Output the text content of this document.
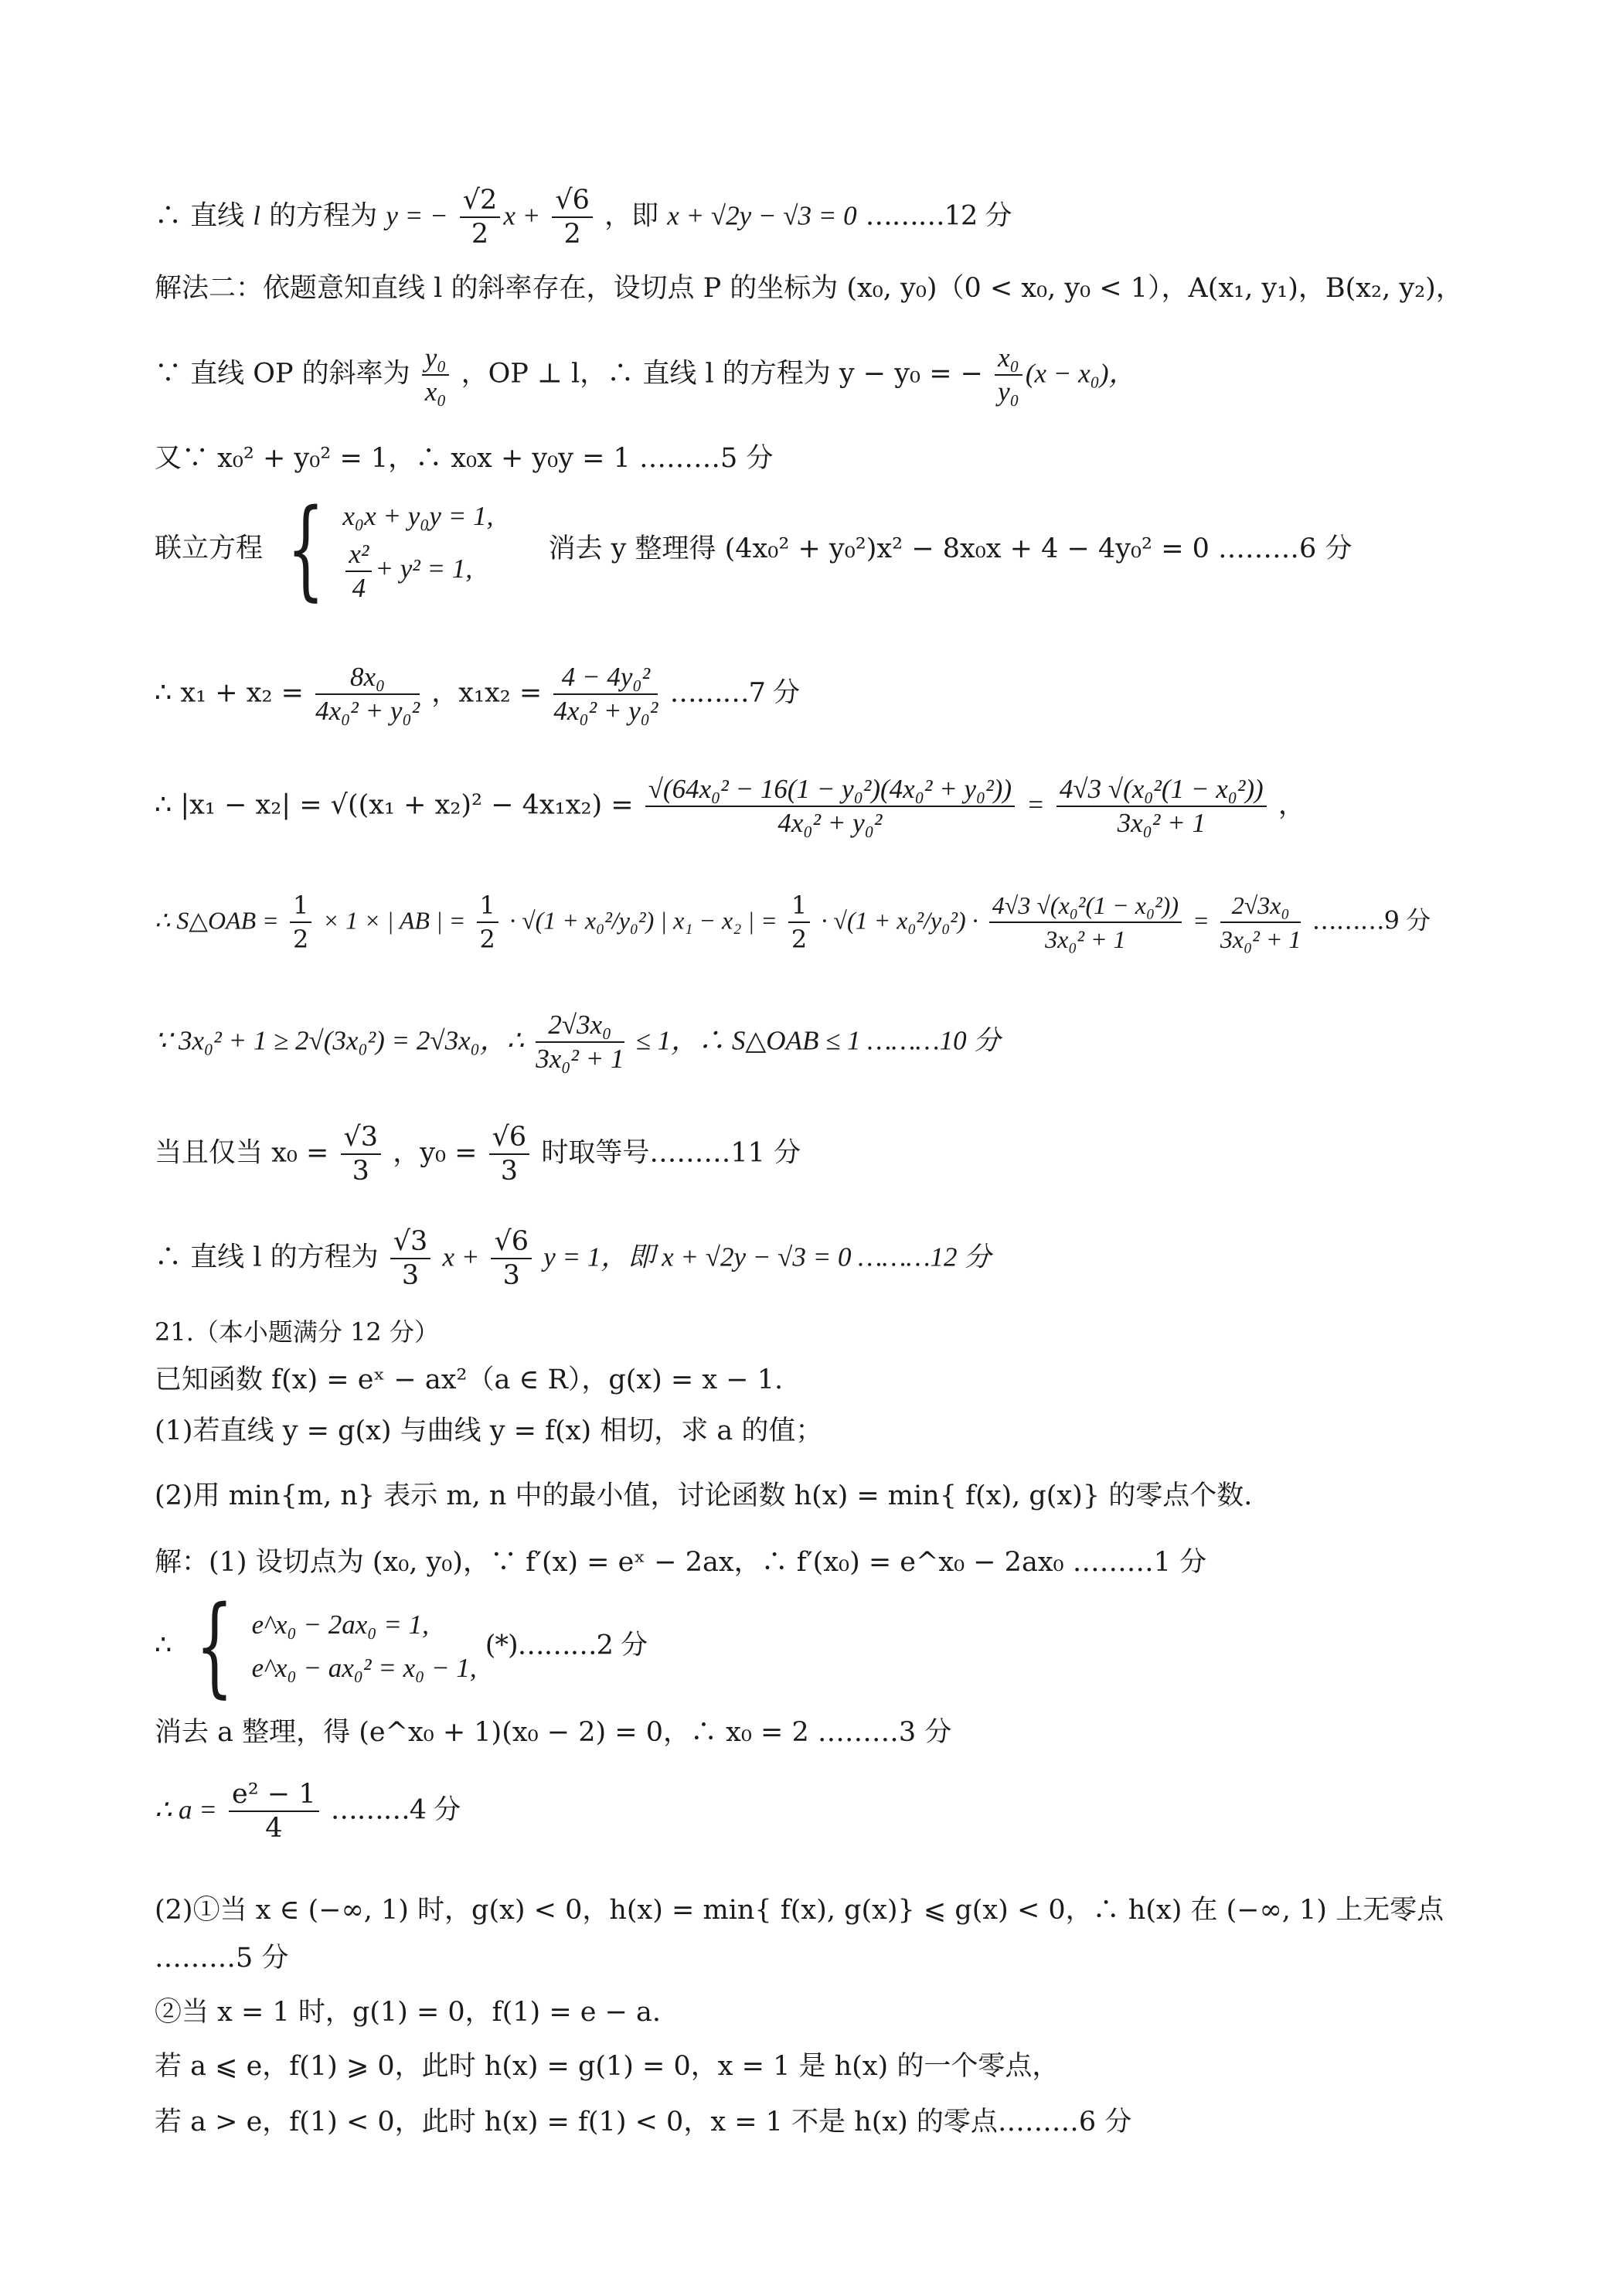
∴ 直线 l 的方程为 y = − $\frac{√2}{2}$ $x + \frac{√6}{2}$ ，即 x + √2y − √3 = 0 ………12 分
解法二：依题意知直线 l 的斜率存在，设切点 P 的坐标为 (x₀, y₀)（0 < x₀, y₀ < 1），A(x₁, y₁)，B(x₂, y₂)，
∵ 直线 OP 的斜率为 $\frac{\text{y₀}}{\text{x₀}}$ ，OP ⊥ l，∴ 直线 l 的方程为 y − y₀ = − $\frac{\text{x₀}}{\text{y₀}} (x - x_0)$，
又∵ x₀² + y₀² = 1，∴ x₀x + y₀y = 1 ………5 分
联立方程 { x₀x + y₀y = 1,
$\frac{\text{x²}}{4} + y^2 = 1$,
消去 y 整理得 (4x₀² + y₀²)x² − 8x₀x + 4 − 4y₀² = 0 ………6 分
∴ $x_1 + x_2 = \frac{\text{8x₀}}{\text{4x₀² + y₀²}}$ ，$x_1x_2 = \frac{\text{4 − 4y₀²}}{\text{4x₀² + y₀²}}$ ………7 分
∴ $|x_1 - x_2| = √((x_1 + x_2)^2 - 4x_1x_2) = \frac{\text{√(64x₀² − 16(1 − y₀²)(4x₀² + y₀²))}}{\text{4x₀² + y₀²}} = \frac{\text{4√3 √(x₀²(1 − x₀²))}}{\text{3x₀² + 1}}$ ，
∴ S△OAB = $\frac{1}{2} \times 1$ × | AB | = $\frac{1}{2} \cdot √(1 + x_0^2/y_0^2)$ | x₁ − x₂ | = $\frac{1}{2} \cdot √(1 + x_0^2/y_0^2) \cdot \frac{\text{4√3 √(x₀²(1 − x₀²))}}{\text{3x₀² + 1}} = \frac{\text{2√3x₀}}{\text{3x₀² + 1}}$ ………9 分
∵ 3x₀² + 1 ≥ 2√(3x₀²) = 2√3x₀，∴ $\frac{\text{2√3x₀}}{\text{3x₀² + 1}} \le 1$，∴ S△OAB ≤ 1 ………10 分
当且仅当 $x_0 = \frac{√3}{3}$ ，$y_0 = \frac{√6}{3}$ 时取等号………11 分
∴ 直线 l 的方程为 $\frac{√3}{3}$ $x + \frac{√6}{3}$ y = 1，即 x + √2y − √3 = 0 ………12 分
21.（本小题满分 12 分）
已知函数 f(x) = eˣ − ax²（a ∈ R），g(x) = x − 1.
(1)若直线 y = g(x) 与曲线 y = f(x) 相切，求 a 的值；
(2)用 min{m, n} 表示 m, n 中的最小值，讨论函数 h(x) = min{ f(x), g(x)} 的零点个数.
解：(1) 设切点为 (x₀, y₀)，∵ f′(x) = eˣ − 2ax，∴ f′(x₀) = e^x₀ − 2ax₀ ………1 分
∴ { e^x₀ − 2ax₀ = 1,
e^x₀ − ax₀² = x₀ − 1,
(*)………2 分
消去 a 整理，得 (e^x₀ + 1)(x₀ − 2) = 0，∴ x₀ = 2 ………3 分
∴ $a = \frac{\text{e² − 1}}{4}$ ………4 分
(2)①当 x ∈ (−∞, 1) 时，g(x) < 0，h(x) = min{ f(x), g(x)} ⩽ g(x) < 0，∴ h(x) 在 (−∞, 1) 上无零点
………5 分
②当 x = 1 时，g(1) = 0，f(1) = e − a.
若 a ⩽ e，f(1) ⩾ 0，此时 h(x) = g(1) = 0，x = 1 是 h(x) 的一个零点，
若 a > e，f(1) < 0，此时 h(x) = f(1) < 0，x = 1 不是 h(x) 的零点………6 分
